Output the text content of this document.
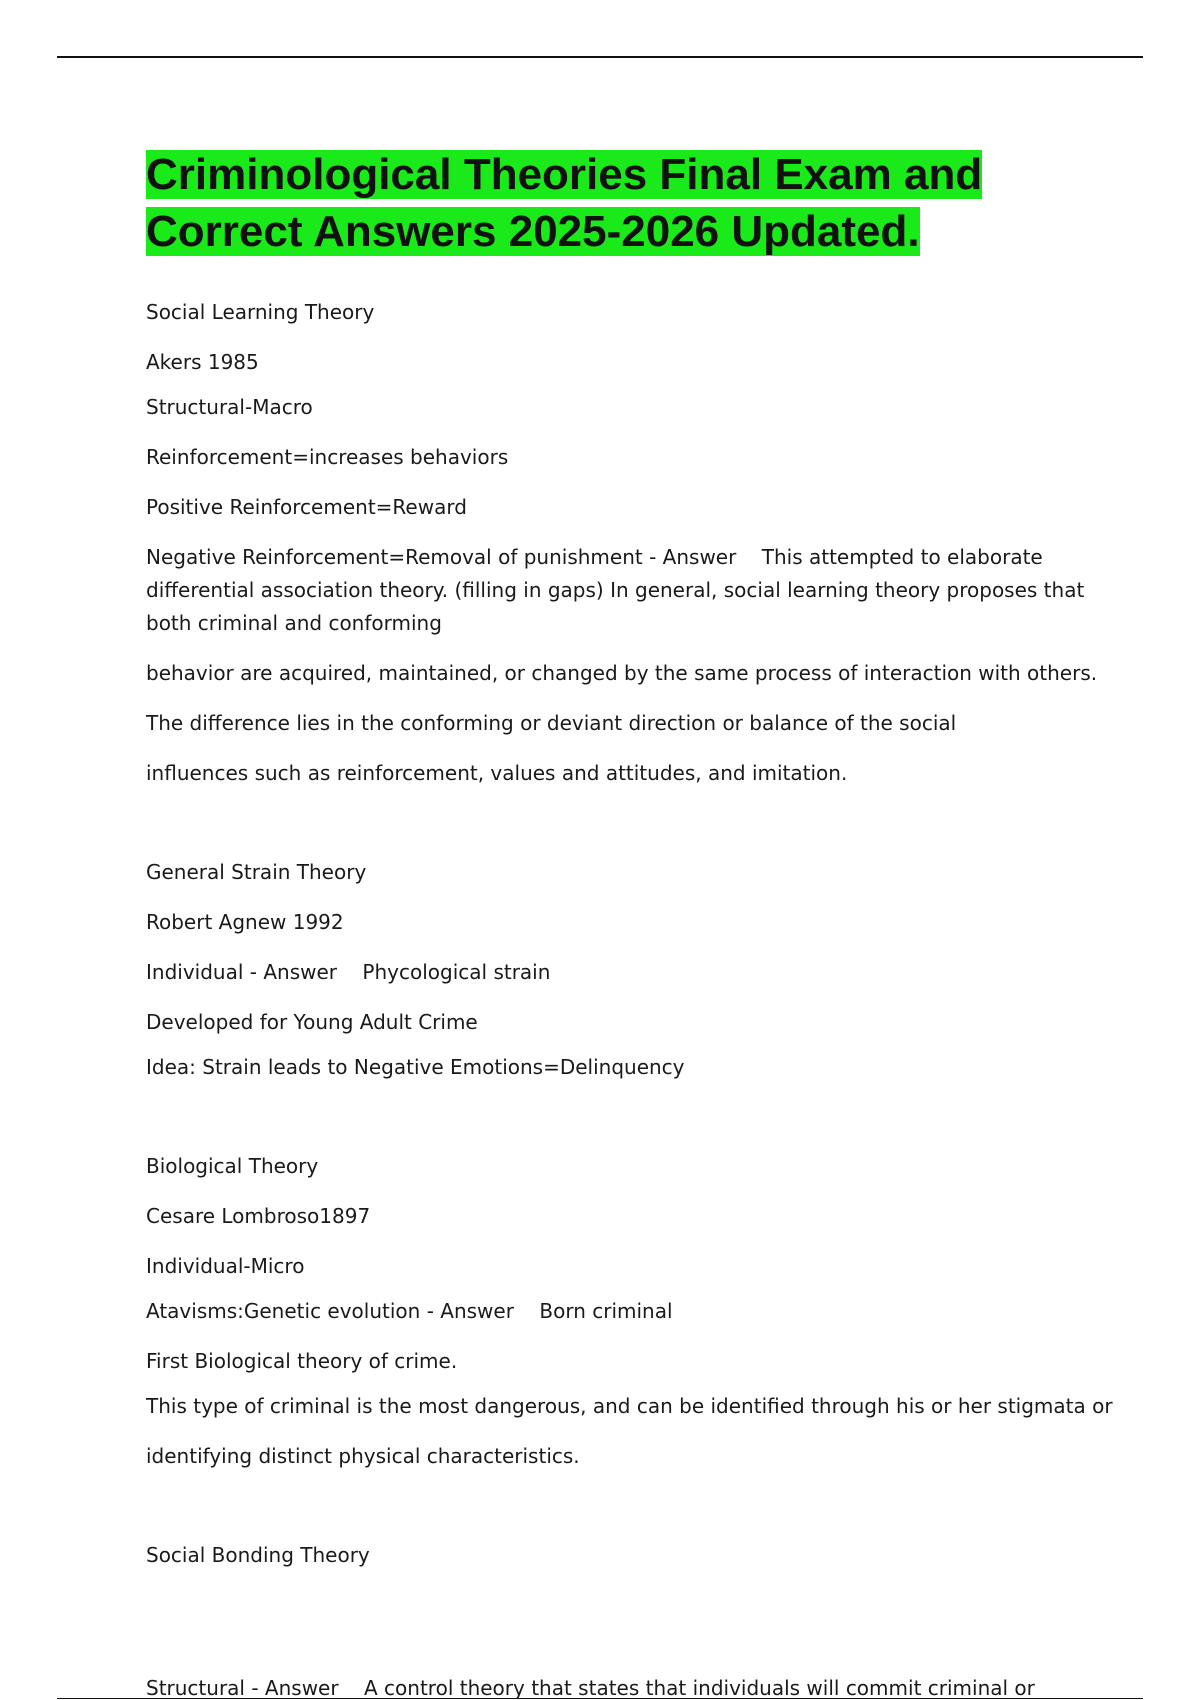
Criminological Theories Final Exam and Correct Answers 2025-2026 Updated.

Social Learning Theory

Akers 1985

Structural-Macro

Reinforcement=increases behaviors

Positive Reinforcement=Reward

Negative Reinforcement=Removal of punishment - Answer    This attempted to elaborate differential association theory. (filling in gaps) In general, social learning theory proposes that both criminal and conforming

behavior are acquired, maintained, or changed by the same process of interaction with others.

The difference lies in the conforming or deviant direction or balance of the social

influences such as reinforcement, values and attitudes, and imitation.

General Strain Theory

Robert Agnew 1992

Individual - Answer    Phycological strain

Developed for Young Adult Crime

Idea: Strain leads to Negative Emotions=Delinquency

Biological Theory

Cesare Lombroso1897

Individual-Micro

Atavisms:Genetic evolution - Answer    Born criminal

First Biological theory of crime.

This type of criminal is the most dangerous, and can be identified through his or her stigmata or

identifying distinct physical characteristics.

Social Bonding Theory

Structural - Answer    A control theory that states that individuals will commit criminal or
